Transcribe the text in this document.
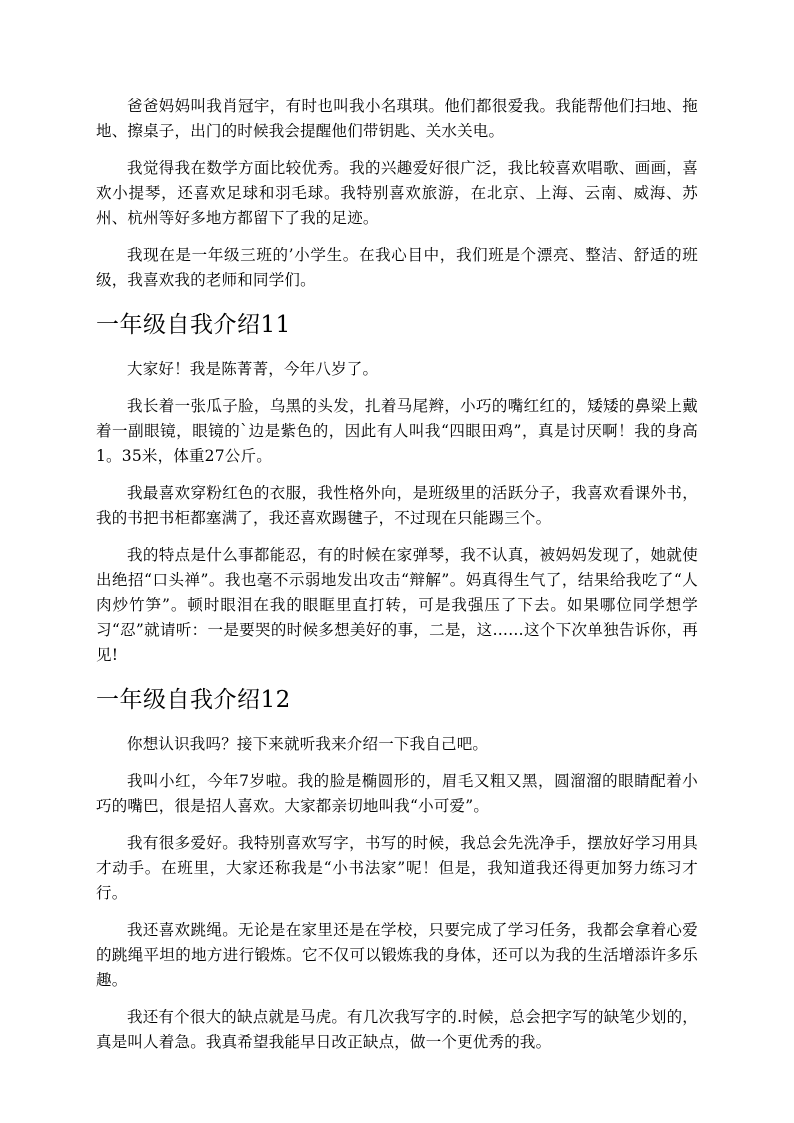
爸爸妈妈叫我肖冠宇，有时也叫我小名琪琪。他们都很爱我。我能帮他们扫地、拖地、擦桌子，出门的时候我会提醒他们带钥匙、关水关电。

我觉得我在数学方面比较优秀。我的兴趣爱好很广泛，我比较喜欢唱歌、画画，喜欢小提琴，还喜欢足球和羽毛球。我特别喜欢旅游，在北京、上海、云南、威海、苏州、杭州等好多地方都留下了我的足迹。

我现在是一年级三班的’小学生。在我心目中，我们班是个漂亮、整洁、舒适的班级，我喜欢我的老师和同学们。

一年级自我介绍11

大家好！我是陈菁菁，今年八岁了。

我长着一张瓜子脸，乌黑的头发，扎着马尾辫，小巧的嘴红红的，矮矮的鼻梁上戴着一副眼镜，眼镜的`边是紫色的，因此有人叫我“四眼田鸡”，真是讨厌啊！我的身高1。35米，体重27公斤。

我最喜欢穿粉红色的衣服，我性格外向，是班级里的活跃分子，我喜欢看课外书，我的书把书柜都塞满了，我还喜欢踢毽子，不过现在只能踢三个。

我的特点是什么事都能忍，有的时候在家弹琴，我不认真，被妈妈发现了，她就使出绝招“口头禅”。我也毫不示弱地发出攻击“辩解”。妈真得生气了，结果给我吃了“人肉炒竹笋”。顿时眼泪在我的眼眶里直打转，可是我强压了下去。如果哪位同学想学习“忍”就请听：一是要哭的时候多想美好的事，二是，这……这个下次单独告诉你，再见!

一年级自我介绍12

你想认识我吗？接下来就听我来介绍一下我自己吧。

我叫小红，今年7岁啦。我的脸是椭圆形的，眉毛又粗又黑，圆溜溜的眼睛配着小巧的嘴巴，很是招人喜欢。大家都亲切地叫我“小可爱”。

我有很多爱好。我特别喜欢写字，书写的时候，我总会先洗净手，摆放好学习用具才动手。在班里，大家还称我是“小书法家”呢！但是，我知道我还得更加努力练习才行。

我还喜欢跳绳。无论是在家里还是在学校，只要完成了学习任务，我都会拿着心爱的跳绳平坦的地方进行锻炼。它不仅可以锻炼我的身体，还可以为我的生活增添许多乐趣。

我还有个很大的缺点就是马虎。有几次我写字的.时候，总会把字写的缺笔少划的，真是叫人着急。我真希望我能早日改正缺点，做一个更优秀的我。
